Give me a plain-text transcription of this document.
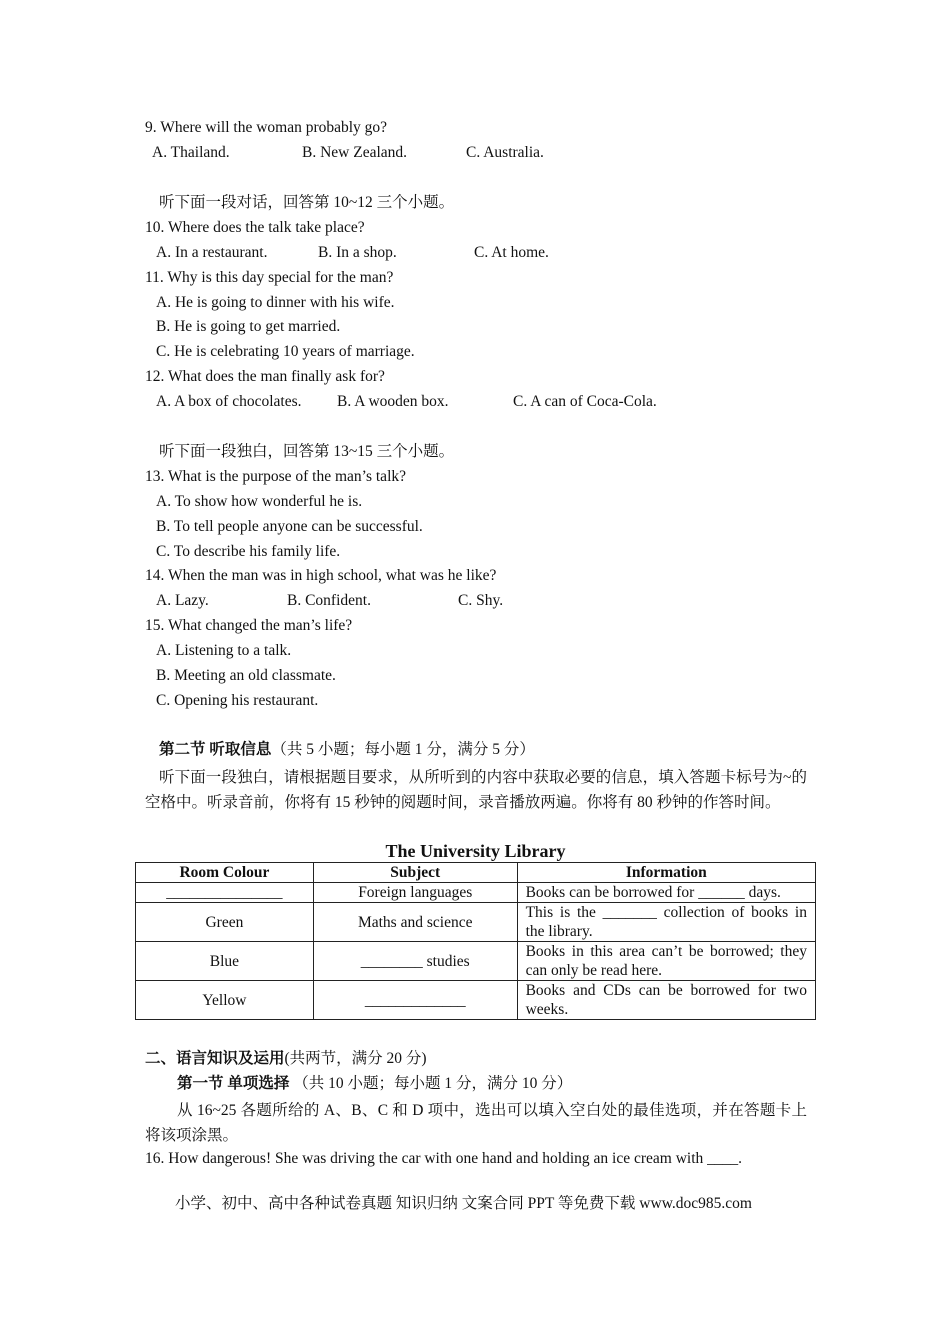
9. Where will the woman probably go?
A. Thailand.	B. New Zealand.	C. Australia.
听下面一段对话，回答第 10~12 三个小题。
10. Where does the talk take place?
A. In a restaurant.	B. In a shop.	C. At home.
11. Why is this day special for the man?
A. He is going to dinner with his wife.
B. He is going to get married.
C. He is celebrating 10 years of marriage.
12. What does the man finally ask for?
A. A box of chocolates. B. A wooden box.	C. A can of Coca-Cola.
听下面一段独白，回答第 13~15 三个小题。
13. What is the purpose of the man’s talk?
A. To show how wonderful he is.
B. To tell people anyone can be successful.
C. To describe his family life.
14. When the man was in high school, what was he like?
A. Lazy.	B. Confident.	C. Shy.
15. What changed the man’s life?
A. Listening to a talk.
B. Meeting an old classmate.
C. Opening his restaurant.
第二节 听取信息（共 5 小题；每小题 1 分，满分 5 分）
听下面一段独白，请根据题目要求，从所听到的内容中获取必要的信息，填入答题卡标号为~的空格中。听录音前，你将有 15 秒钟的阅题时间，录音播放两遍。你将有 80 秒钟的作答时间。
The University Library
Room Colour	Subject	Information
_______________	Foreign languages	Books can be borrowed for ______ days.
Green	Maths and science	This is the _______ collection of books in the library.
Blue	________ studies	Books in this area can’t be borrowed; they can only be read here.
Yellow	_____________	Books and CDs can be borrowed for two weeks.
二、语言知识及运用(共两节，满分 20 分)
第一节 单项选择 （共 10 小题；每小题 1 分，满分 10 分）
从 16~25 各题所给的 A、B、C 和 D 项中，选出可以填入空白处的最佳选项，并在答题卡上将该项涂黑。
16. How dangerous! She was driving the car with one hand and holding an ice cream with ____.
小学、初中、高中各种试卷真题 知识归纳 文案合同 PPT 等免费下载 www.doc985.com
